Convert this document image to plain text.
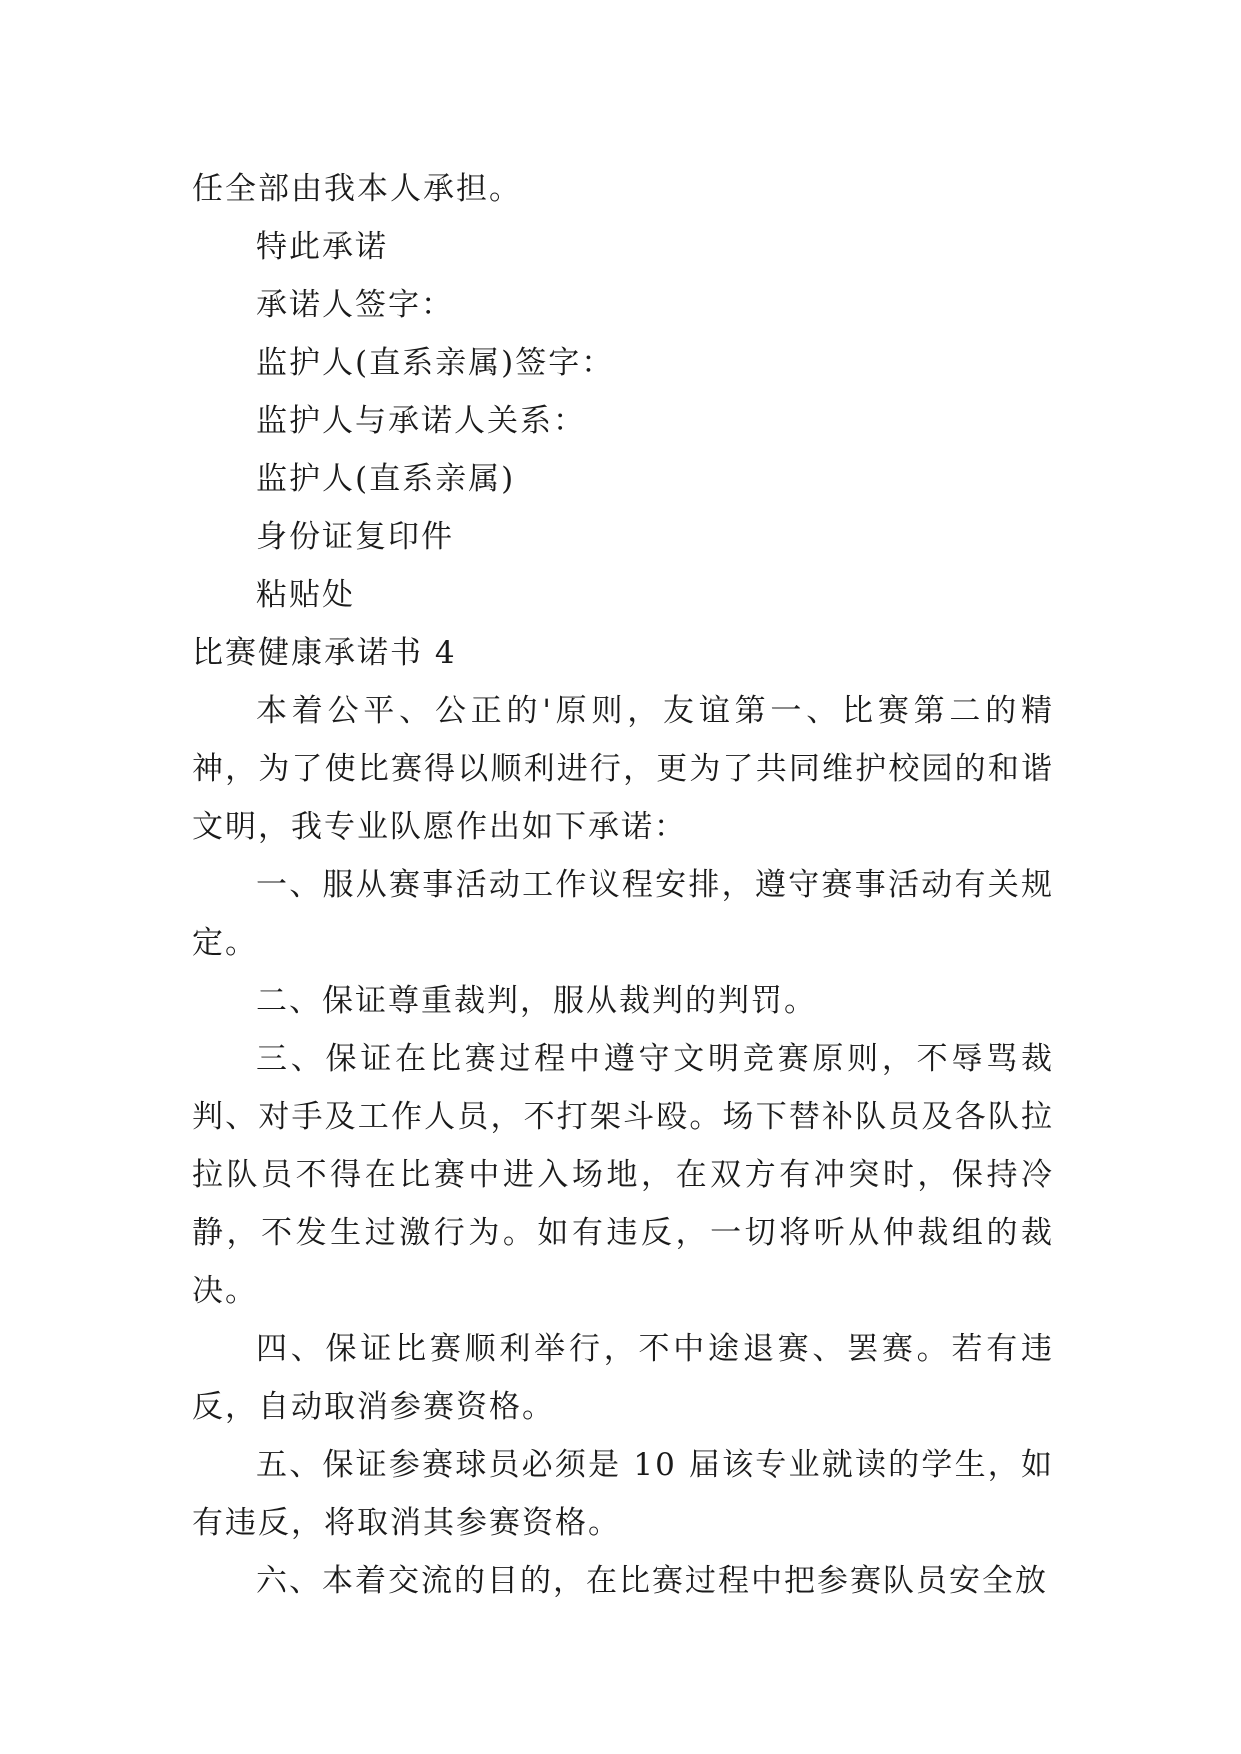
任全部由我本人承担。
特此承诺
承诺人签字：
监护人(直系亲属)签字：
监护人与承诺人关系：
监护人(直系亲属)
身份证复印件
粘贴处
比赛健康承诺书 4

本着公平、公正的'原则，友谊第一、比赛第二的精神，为了使比赛得以顺利进行，更为了共同维护校园的和谐文明，我专业队愿作出如下承诺：

一、服从赛事活动工作议程安排，遵守赛事活动有关规定。

二、保证尊重裁判，服从裁判的判罚。

三、保证在比赛过程中遵守文明竞赛原则，不辱骂裁判、对手及工作人员，不打架斗殴。场下替补队员及各队拉拉队员不得在比赛中进入场地，在双方有冲突时，保持冷静，不发生过激行为。如有违反，一切将听从仲裁组的裁决。

四、保证比赛顺利举行，不中途退赛、罢赛。若有违反，自动取消参赛资格。

五、保证参赛球员必须是 10 届该专业就读的学生，如有违反，将取消其参赛资格。

六、本着交流的目的，在比赛过程中把参赛队员安全放
